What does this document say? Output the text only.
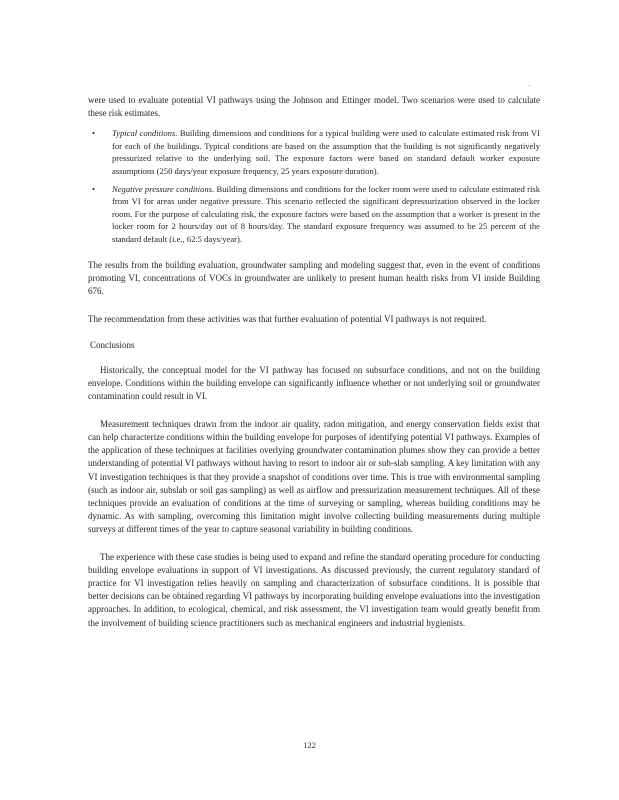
·

were used to evaluate potential VI pathways using the Johnson and Ettinger model. Two scenarios were used to calculate these risk estimates.

• Typical conditions. Building dimensions and conditions for a typical building were used to calculate estimated risk from VI for each of the buildings. Typical conditions are based on the assumption that the building is not significantly negatively pressurized relative to the underlying soil. The exposure factors were based on standard default worker exposure assumptions (250 days/year exposure frequency, 25 years exposure duration).
• Negative pressure conditions. Building dimensions and conditions for the locker room were used to calculate estimated risk from VI for areas under negative pressure. This scenario reflected the significant depressurization observed in the locker room. For the purpose of calculating risk, the exposure factors were based on the assumption that a worker is present in the locker room for 2 hours/day out of 8 hours/day. The standard exposure frequency was assumed to be 25 percent of the standard default (i.e., 62.5 days/year).

The results from the building evaluation, groundwater sampling and modeling suggest that, even in the event of conditions promoting VI, concentrations of VOCs in groundwater are unlikely to present human health risks from VI inside Building 676.

The recommendation from these activities was that further evaluation of potential VI pathways is not required.

Conclusions

Historically, the conceptual model for the VI pathway has focused on subsurface conditions, and not on the building envelope. Conditions within the building envelope can significantly influence whether or not underlying soil or groundwater contamination could result in VI.

Measurement techniques drawn from the indoor air quality, radon mitigation, and energy conservation fields exist that can help characterize conditions within the building envelope for purposes of identifying potential VI pathways. Examples of the application of these techniques at facilities overlying groundwater contamination plumes show they can provide a better understanding of potential VI pathways without having to resort to indoor air or sub-slab sampling. A key limitation with any VI investigation techniques is that they provide a snapshot of conditions over time. This is true with environmental sampling (such as indoor air, subslab or soil gas sampling) as well as airflow and pressurization measurement techniques. All of these techniques provide an evaluation of conditions at the time of surveying or sampling, whereas building conditions may be dynamic. As with sampling, overcoming this limitation might involve collecting building measurements during multiple surveys at different times of the year to capture seasonal variability in building conditions.

The experience with these case studies is being used to expand and refine the standard operating procedure for conducting building envelope evaluations in support of VI investigations. As discussed previously, the current regulatory standard of practice for VI investigation relies heavily on sampling and characterization of subsurface conditions. It is possible that better decisions can be obtained regarding VI pathways by incorporating building envelope evaluations into the investigation approaches. In addition, to ecological, chemical, and risk assessment, the VI investigation team would greatly benefit from the involvement of building science practitioners such as mechanical engineers and industrial hygienists.

122
